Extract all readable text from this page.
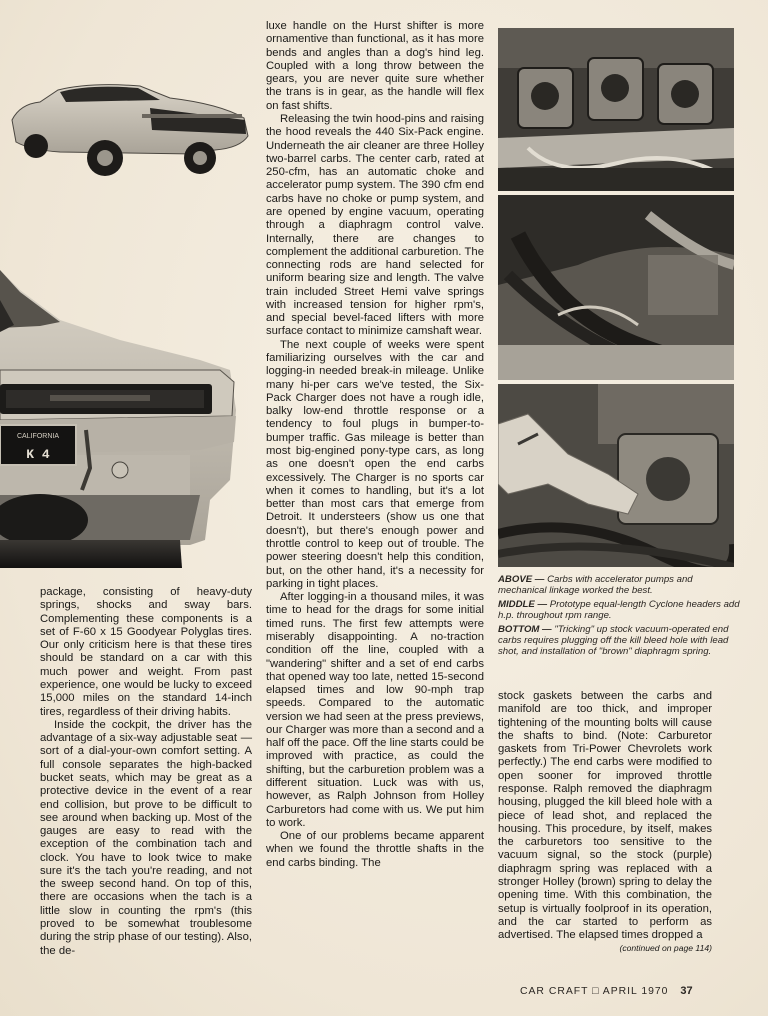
CALIFORNIA
K 4

luxe handle on the Hurst shifter is more ornamentive than functional, as it has more bends and angles than a dog's hind leg. Coupled with a long throw between the gears, you are never quite sure whether the trans is in gear, as the handle will flex on fast shifts.

Releasing the twin hood-pins and raising the hood reveals the 440 Six-Pack engine. Underneath the air cleaner are three Holley two-barrel carbs. The center carb, rated at 250-cfm, has an automatic choke and accelerator pump system. The 390 cfm end carbs have no choke or pump system, and are opened by engine vacuum, operating through a diaphragm control valve. Internally, there are changes to complement the additional carburetion. The connecting rods are hand selected for uniform bearing size and length. The valve train included Street Hemi valve springs with increased tension for higher rpm's, and special bevel-faced lifters with more surface contact to minimize camshaft wear.

The next couple of weeks were spent familiarizing ourselves with the car and logging-in needed break-in mileage. Unlike many hi-per cars we've tested, the Six-Pack Charger does not have a rough idle, balky low-end throttle response or a tendency to foul plugs in bumper-to-bumper traffic. Gas mileage is better than most big-engined pony-type cars, as long as one doesn't open the end carbs excessively. The Charger is no sports car when it comes to handling, but it's a lot better than most cars that emerge from Detroit. It understeers (show us one that doesn't), but there's enough power and throttle control to keep out of trouble. The power steering doesn't help this condition, but, on the other hand, it's a necessity for parking in tight places.

After logging-in a thousand miles, it was time to head for the drags for some initial timed runs. The first few attempts were miserably disappointing. A no-traction condition off the line, coupled with a "wandering" shifter and a set of end carbs that opened way too late, netted 15-second elapsed times and low 90-mph trap speeds. Compared to the automatic version we had seen at the press previews, our Charger was more than a second and a half off the pace. Off the line starts could be improved with practice, as could the shifting, but the carburetion problem was a different situation. Luck was with us, however, as Ralph Johnson from Holley Carburetors had come with us. We put him to work.

One of our problems became apparent when we found the throttle shafts in the end carbs binding. The

package, consisting of heavy-duty springs, shocks and sway bars. Complementing these components is a set of F-60 x 15 Goodyear Polyglas tires. Our only criticism here is that these tires should be standard on a car with this much power and weight. From past experience, one would be lucky to exceed 15,000 miles on the standard 14-inch tires, regardless of their driving habits.

Inside the cockpit, the driver has the advantage of a six-way adjustable seat — sort of a dial-your-own comfort setting. A full console separates the high-backed bucket seats, which may be great as a protective device in the event of a rear end collision, but prove to be difficult to see around when backing up. Most of the gauges are easy to read with the exception of the combination tach and clock. You have to look twice to make sure it's the tach you're reading, and not the sweep second hand. On top of this, there are occasions when the tach is a little slow in counting the rpm's (this proved to be somewhat troublesome during the strip phase of our testing). Also, the de-

ABOVE — Carbs with accelerator pumps and mechanical linkage worked the best.

MIDDLE — Prototype equal-length Cyclone headers add h.p. throughout rpm range.

BOTTOM — "Tricking" up stock vacuum-operated end carbs requires plugging off the kill bleed hole with lead shot, and installation of "brown" diaphragm spring.

stock gaskets between the carbs and manifold are too thick, and improper tightening of the mounting bolts will cause the shafts to bind. (Note: Carburetor gaskets from Tri-Power Chevrolets work perfectly.) The end carbs were modified to open sooner for improved throttle response. Ralph removed the diaphragm housing, plugged the kill bleed hole with a piece of lead shot, and replaced the housing. This procedure, by itself, makes the carburetors too sensitive to the vacuum signal, so the stock (purple) diaphragm spring was replaced with a stronger Holley (brown) spring to delay the opening time. With this combination, the setup is virtually foolproof in its operation, and the car started to perform as advertised. The elapsed times dropped a

(continued on page 114)
CAR CRAFT □ APRIL 1970 37
